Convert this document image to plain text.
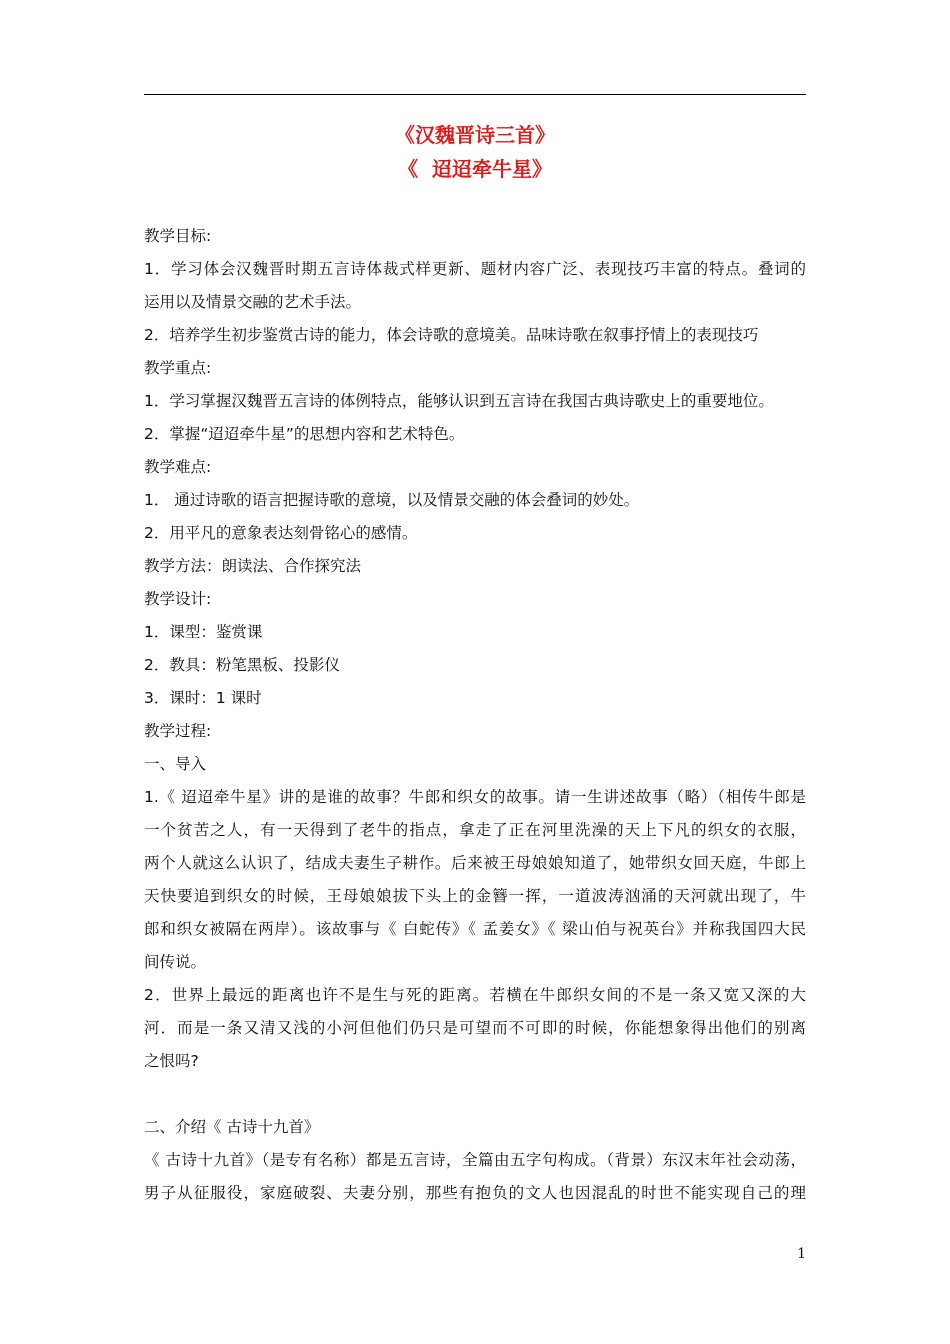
《汉魏晋诗三首》
《  迢迢牵牛星》
教学目标:
1．学习体会汉魏晋时期五言诗体裁式样更新、题材内容广泛、表现技巧丰富的特点。叠词的
运用以及情景交融的艺术手法。
2．培养学生初步鉴赏古诗的能力，体会诗歌的意境美。品味诗歌在叙事抒情上的表现技巧
教学重点:
1．学习掌握汉魏晋五言诗的体例特点，能够认识到五言诗在我国古典诗歌史上的重要地位。
2．掌握“迢迢牵牛星”的思想内容和艺术特色。
教学难点:
1． 通过诗歌的语言把握诗歌的意境，以及情景交融的体会叠词的妙处。
2．用平凡的意象表达刻骨铭心的感情。
教学方法：朗读法、合作探究法
教学设计:
1．课型：鉴赏课
2．教具：粉笔黑板、投影仪
3．课时：1 课时
教学过程:
一、导入
1.《 迢迢牵牛星》讲的是谁的故事？牛郎和织女的故事。请一生讲述故事（略）（相传牛郎是
一个贫苦之人，有一天得到了老牛的指点，拿走了正在河里洗澡的天上下凡的织女的衣服，
两个人就这么认识了，结成夫妻生子耕作。后来被王母娘娘知道了，她带织女回天庭，牛郎上
天快要追到织女的时候，王母娘娘拔下头上的金簪一挥，一道波涛汹涌的天河就出现了，牛
郎和织女被隔在两岸）。该故事与《 白蛇传》《 孟姜女》《 梁山伯与祝英台》并称我国四大民
间传说。
2．世界上最远的距离也许不是生与死的距离。若横在牛郎织女间的不是一条又宽又深的大
河．而是一条又清又浅的小河但他们仍只是可望而不可即的时候，你能想象得出他们的别离
之恨吗?
二、介绍《 古诗十九首》
《 古诗十九首》（是专有名称）都是五言诗，全篇由五字句构成。（背景）东汉末年社会动荡，
男子从征服役，家庭破裂、夫妻分别，那些有抱负的文人也因混乱的时世不能实现自己的理
1
